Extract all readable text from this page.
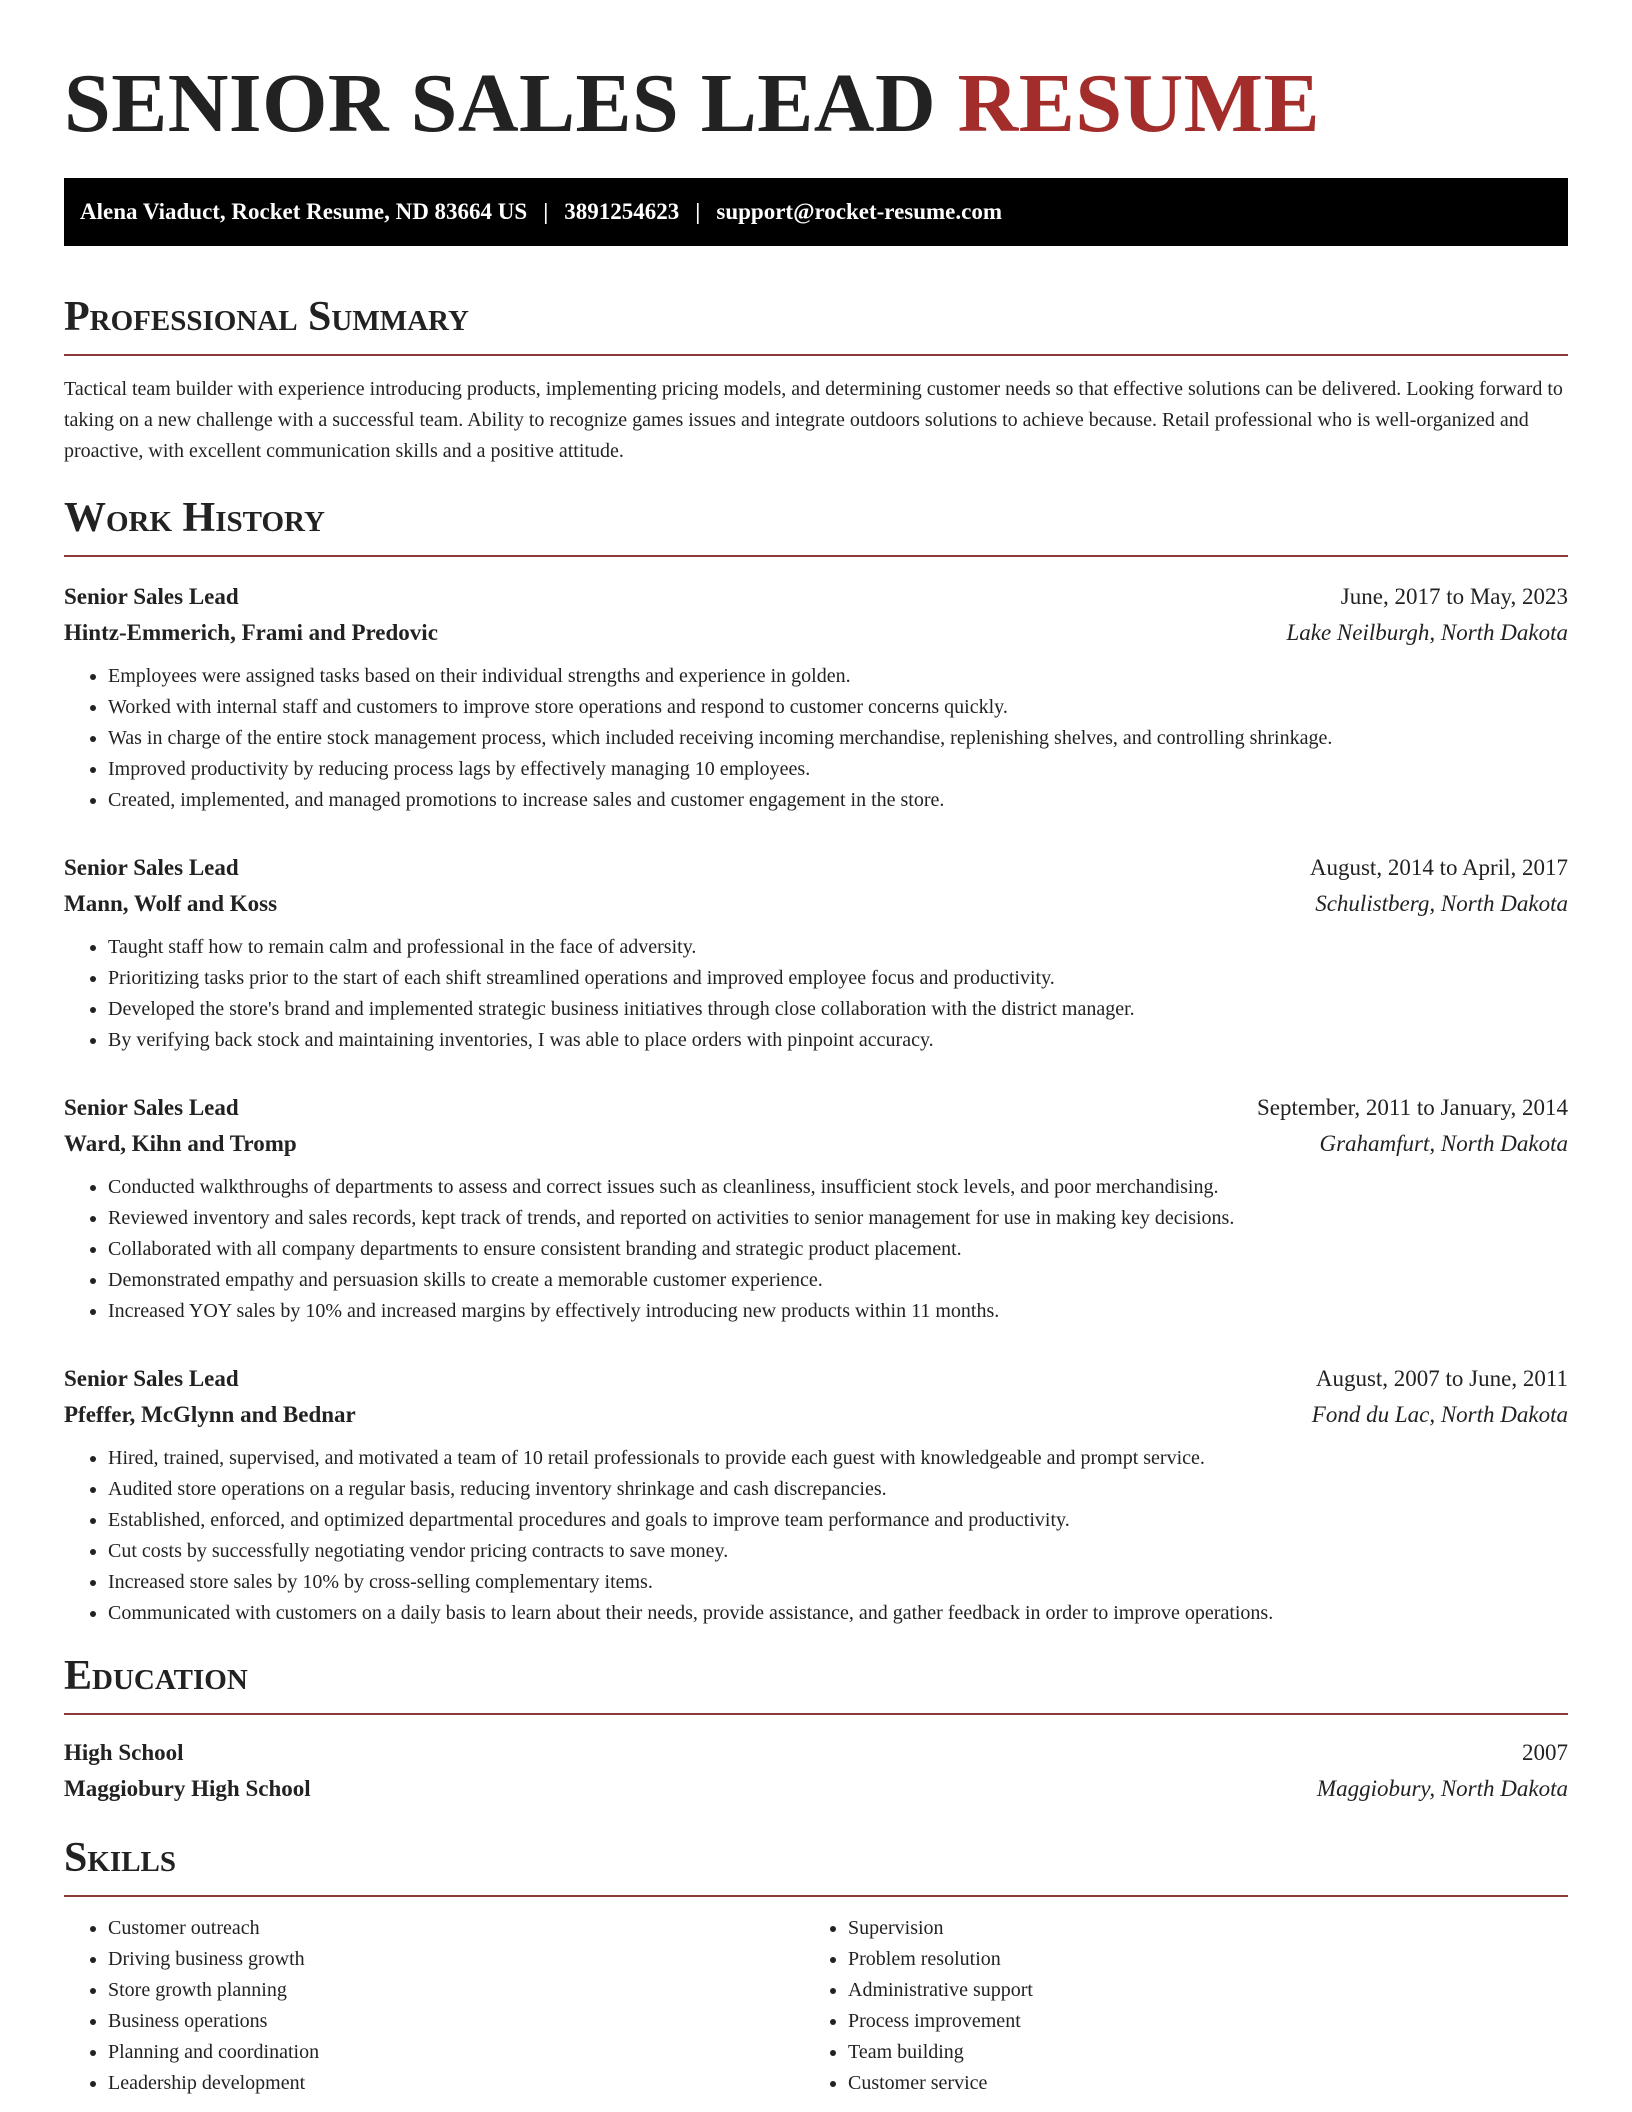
SENIOR SALES LEAD RESUME
Alena Viaduct, Rocket Resume, ND 83664 US | 3891254623 | support@rocket-resume.com
Professional Summary

Tactical team builder with experience introducing products, implementing pricing models, and determining customer needs so that effective solutions can be delivered. Looking forward to taking on a new challenge with a successful team. Ability to recognize games issues and integrate outdoors solutions to achieve because. Retail professional who is well-organized and proactive, with excellent communication skills and a positive attitude.

Work History
Senior Sales Lead	June, 2017 to May, 2023
Hintz-Emmerich, Frami and Predovic	Lake Neilburgh, North Dakota
• Employees were assigned tasks based on their individual strengths and experience in golden.
• Worked with internal staff and customers to improve store operations and respond to customer concerns quickly.
• Was in charge of the entire stock management process, which included receiving incoming merchandise, replenishing shelves, and controlling shrinkage.
• Improved productivity by reducing process lags by effectively managing 10 employees.
• Created, implemented, and managed promotions to increase sales and customer engagement in the store.
Senior Sales Lead	August, 2014 to April, 2017
Mann, Wolf and Koss	Schulistberg, North Dakota
• Taught staff how to remain calm and professional in the face of adversity.
• Prioritizing tasks prior to the start of each shift streamlined operations and improved employee focus and productivity.
• Developed the store's brand and implemented strategic business initiatives through close collaboration with the district manager.
• By verifying back stock and maintaining inventories, I was able to place orders with pinpoint accuracy.
Senior Sales Lead	September, 2011 to January, 2014
Ward, Kihn and Tromp	Grahamfurt, North Dakota
• Conducted walkthroughs of departments to assess and correct issues such as cleanliness, insufficient stock levels, and poor merchandising.
• Reviewed inventory and sales records, kept track of trends, and reported on activities to senior management for use in making key decisions.
• Collaborated with all company departments to ensure consistent branding and strategic product placement.
• Demonstrated empathy and persuasion skills to create a memorable customer experience.
• Increased YOY sales by 10% and increased margins by effectively introducing new products within 11 months.
Senior Sales Lead	August, 2007 to June, 2011
Pfeffer, McGlynn and Bednar	Fond du Lac, North Dakota
• Hired, trained, supervised, and motivated a team of 10 retail professionals to provide each guest with knowledgeable and prompt service.
• Audited store operations on a regular basis, reducing inventory shrinkage and cash discrepancies.
• Established, enforced, and optimized departmental procedures and goals to improve team performance and productivity.
• Cut costs by successfully negotiating vendor pricing contracts to save money.
• Increased store sales by 10% by cross-selling complementary items.
• Communicated with customers on a daily basis to learn about their needs, provide assistance, and gather feedback in order to improve operations.
Education
High School	2007
Maggiobury High School	Maggiobury, North Dakota
Skills
• Customer outreach
• Driving business growth
• Store growth planning
• Business operations
• Planning and coordination
• Leadership development
• Supervision
• Problem resolution
• Administrative support
• Process improvement
• Team building
• Customer service
